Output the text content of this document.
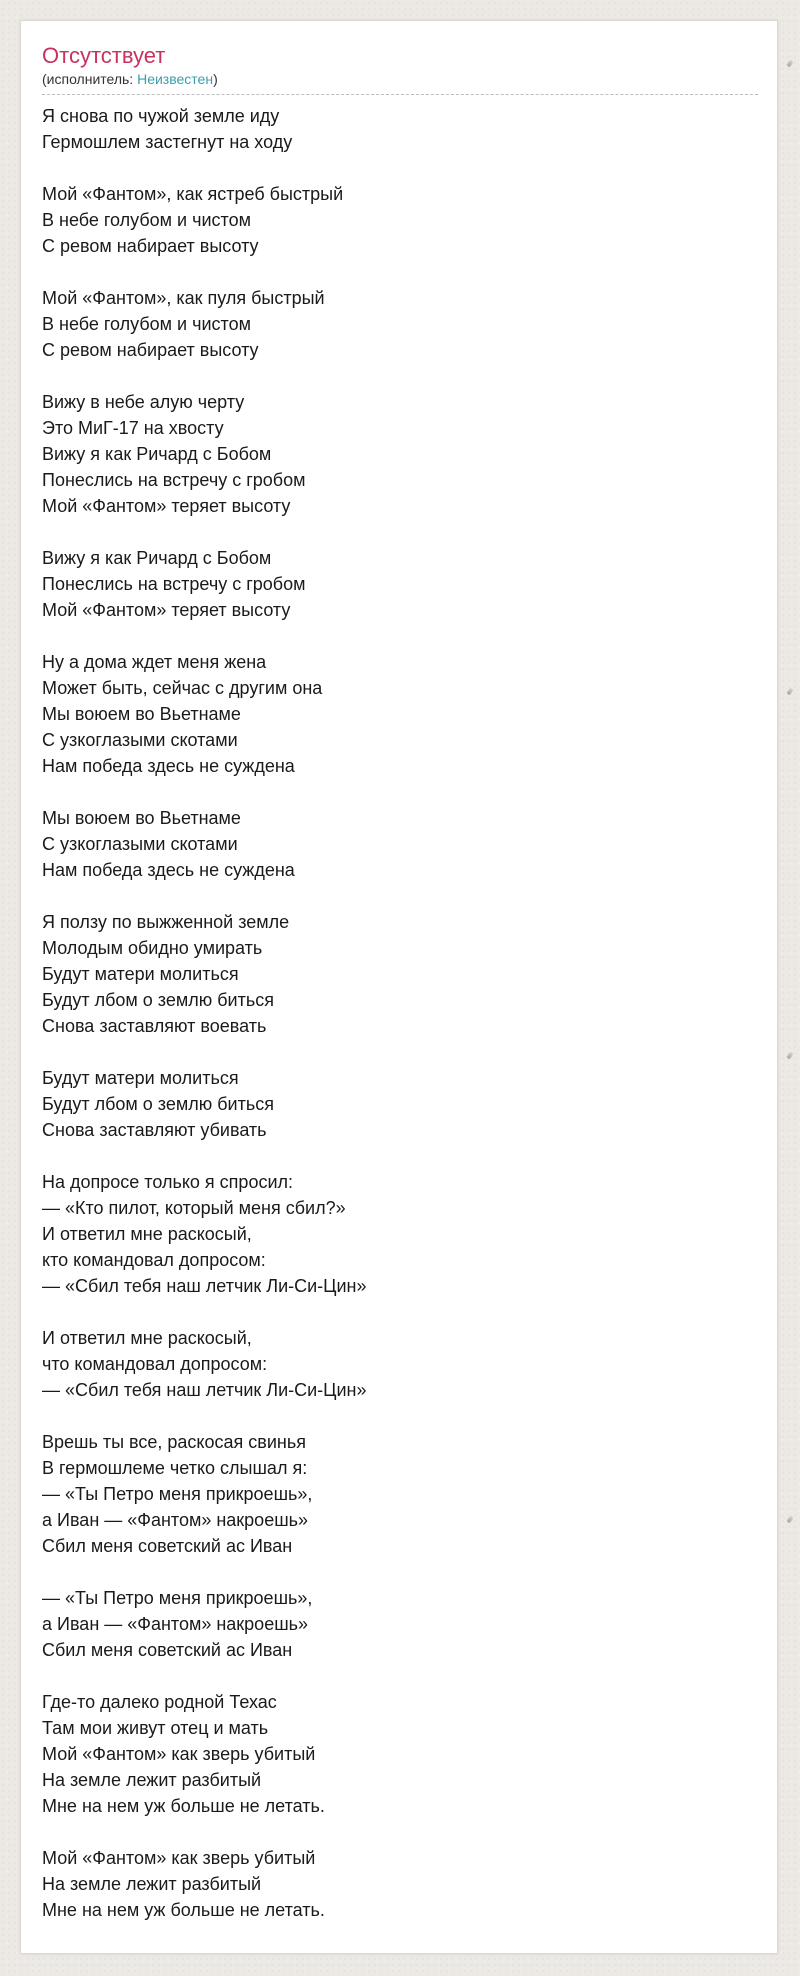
Отсутствует
(исполнитель: Неизвестен)
Я снова по чужой земле иду
Гермошлем застегнут на ходу
Мой «Фантом», как ястреб быстрый
В небе голубом и чистом
С ревом набирает высоту
Мой «Фантом», как пуля быстрый
В небе голубом и чистом
С ревом набирает высоту
Вижу в небе алую черту
Это МиГ-17 на хвосту
Вижу я как Ричард с Бобом
Понеслись на встречу с гробом
Мой «Фантом» теряет высоту
Вижу я как Ричард с Бобом
Понеслись на встречу с гробом
Мой «Фантом» теряет высоту
Ну а дома ждет меня жена
Может быть, сейчас с другим она
Мы воюем во Вьетнаме
С узкоглазыми скотами
Нам победа здесь не суждена
Мы воюем во Вьетнаме
С узкоглазыми скотами
Нам победа здесь не суждена
Я ползу по выжженной земле
Молодым обидно умирать
Будут матери молиться
Будут лбом о землю биться
Снова заставляют воевать
Будут матери молиться
Будут лбом о землю биться
Снова заставляют убивать
На допросе только я спросил:
— «Кто пилот, который меня сбил?»
И ответил мне раскосый,
кто командовал допросом:
— «Сбил тебя наш летчик Ли-Си-Цин»
И ответил мне раскосый,
что командовал допросом:
— «Сбил тебя наш летчик Ли-Си-Цин»
Врешь ты все, раскосая свинья
В гермошлеме четко слышал я:
— «Ты Петро меня прикроешь»,
а Иван — «Фантом» накроешь»
Сбил меня советский ас Иван
— «Ты Петро меня прикроешь»,
а Иван — «Фантом» накроешь»
Сбил меня советский ас Иван
Где-то далеко родной Техас
Там мои живут отец и мать
Мой «Фантом» как зверь убитый
На земле лежит разбитый
Мне на нем уж больше не летать.
Мой «Фантом» как зверь убитый
На земле лежит разбитый
Мне на нем уж больше не летать.
